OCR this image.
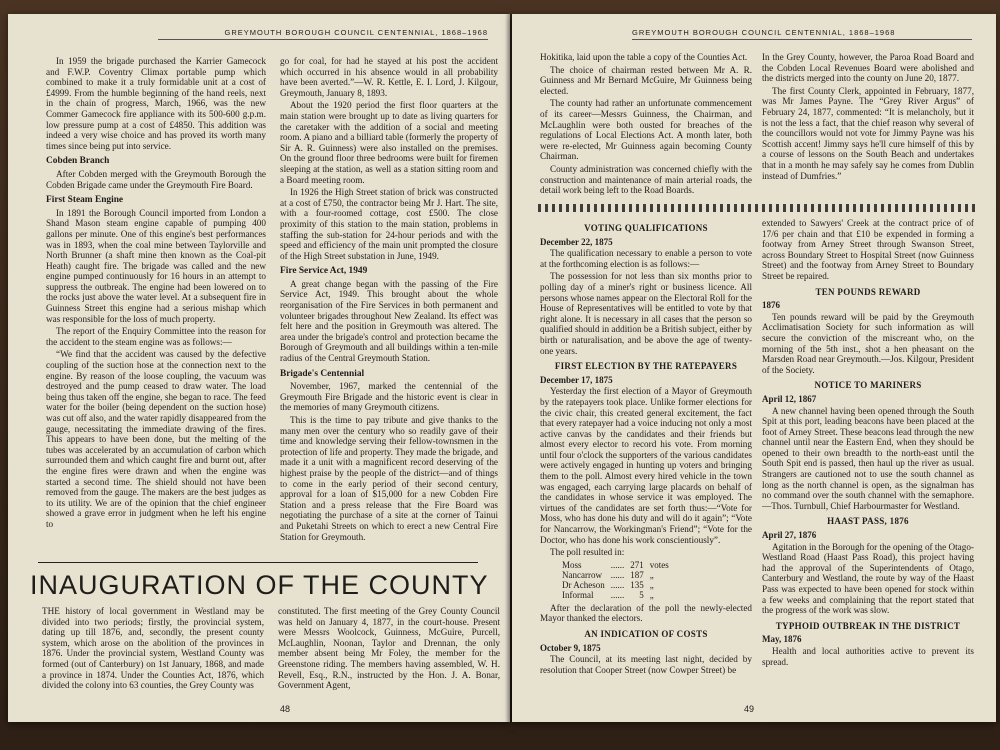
GREYMOUTH BOROUGH COUNCIL CENTENNIAL, 1868–1968

In 1959 the brigade purchased the Karrier Gamecock and F.W.P. Coventry Climax portable pump which combined to make it a truly formidable unit at a cost of £4999. From the humble beginning of the hand reels, next in the chain of progress, March, 1966, was the new Commer Gamecock fire appliance with its 500-600 g.p.m. low pressure pump at a cost of £4850. This addition was indeed a very wise choice and has proved its worth many times since being put into service.

Cobden Branch

After Cobden merged with the Greymouth Borough the Cobden Brigade came under the Greymouth Fire Board.

First Steam Engine

In 1891 the Borough Council imported from London a Shand Mason steam engine capable of pumping 400 gallons per minute. One of this engine's best performances was in 1893, when the coal mine between Taylorville and North Brunner (a shaft mine then known as the Coal-pit Heath) caught fire. The brigade was called and the new engine pumped continuously for 16 hours in an attempt to suppress the outbreak. The engine had been lowered on to the rocks just above the water level. At a subsequent fire in Guinness Street this engine had a serious mishap which was responsible for the loss of much property.

The report of the Enquiry Committee into the reason for the accident to the steam engine was as follows:—

“We find that the accident was caused by the defective coupling of the suction hose at the connection next to the engine. By reason of the loose coupling, the vacuum was destroyed and the pump ceased to draw water. The load being thus taken off the engine, she began to race. The feed water for the boiler (being dependent on the suction hose) was cut off also, and the water rapidly disappeared from the gauge, necessitating the immediate drawing of the fires. This appears to have been done, but the melting of the tubes was accelerated by an accumulation of carbon which surrounded them and which caught fire and burnt out, after the engine fires were drawn and when the engine was started a second time. The shield should not have been removed from the gauge. The makers are the best judges as to its utility. We are of the opinion that the chief engineer showed a grave error in judgment when he left his engine to

go for coal, for had he stayed at his post the accident which occurred in his absence would in all probability have been averted.”—W. R. Kettle, E. I. Lord, J. Kilgour, Greymouth, January 8, 1893.

About the 1920 period the first floor quarters at the main station were brought up to date as living quarters for the caretaker with the addition of a social and meeting room. A piano and a billiard table (formerly the property of Sir A. R. Guinness) were also installed on the premises. On the ground floor three bedrooms were built for firemen sleeping at the station, as well as a station sitting room and a Board meeting room.

In 1926 the High Street station of brick was constructed at a cost of £750, the contractor being Mr J. Hart. The site, with a four-roomed cottage, cost £500. The close proximity of this station to the main station, problems in staffing the sub-station for 24-hour periods and with the speed and efficiency of the main unit prompted the closure of the High Street substation in June, 1949.

Fire Service Act, 1949

A great change began with the passing of the Fire Service Act, 1949. This brought about the whole reorganisation of the Fire Services in both permanent and volunteer brigades throughout New Zealand. Its effect was felt here and the position in Greymouth was altered. The area under the brigade's control and protection became the Borough of Greymouth and all buildings within a ten-mile radius of the Central Greymouth Station.

Brigade's Centennial

November, 1967, marked the centennial of the Greymouth Fire Brigade and the historic event is clear in the memories of many Greymouth citizens.

This is the time to pay tribute and give thanks to the many men over the century who so readily gave of their time and knowledge serving their fellow-townsmen in the protection of life and property. They made the brigade, and made it a unit with a magnificent record deserving of the highest praise by the people of the district—and of things to come in the early period of their second century, approval for a loan of $15,000 for a new Cobden Fire Station and a press release that the Fire Board was negotiating the purchase of a site at the corner of Tainui and Puketahi Streets on which to erect a new Central Fire Station for Greymouth.

INAUGURATION OF THE COUNTY

THE history of local government in Westland may be divided into two periods; firstly, the provincial system, dating up till 1876, and, secondly, the present county system, which arose on the abolition of the provinces in 1876. Under the provincial system, Westland County was formed (out of Canterbury) on 1st January, 1868, and made a province in 1874. Under the Counties Act, 1876, which divided the colony into 63 counties, the Grey County was

constituted. The first meeting of the Grey County Council was held on January 4, 1877, in the court-house. Present were Messrs Woolcock, Guinness, McGuire, Purcell, McLaughlin, Noonan, Taylor and Drennan, the only member absent being Mr Foley, the member for the Greenstone riding. The members having assembled, W. H. Revell, Esq., R.N., instructed by the Hon. J. A. Bonar, Government Agent,

48
GREYMOUTH BOROUGH COUNCIL CENTENNIAL, 1868–1968

Hokitika, laid upon the table a copy of the Counties Act.

The choice of chairman rested between Mr A. R. Guinness and Mr Bernard McGuire, Mr Guinness being elected.

The county had rather an unfortunate commencement of its career—Messrs Guinness, the Chairman, and McLaughlin were both ousted for breaches of the regulations of Local Elections Act. A month later, both were re-elected, Mr Guinness again becoming County Chairman.

County administration was concerned chiefly with the construction and maintenance of main arterial roads, the detail work being left to the Road Boards.

In the Grey County, however, the Paroa Road Board and the Cobden Local Revenues Board were abolished and the districts merged into the county on June 20, 1877.

The first County Clerk, appointed in February, 1877, was Mr James Payne. The “Grey River Argus” of February 24, 1877, commented: “It is melancholy, but it is not the less a fact, that the chief reason why several of the councillors would not vote for Jimmy Payne was his Scottish accent! Jimmy says he'll cure himself of this by a course of lessons on the South Beach and undertakes that in a month he may safely say he comes from Dublin instead of Dumfries.”

VOTING QUALIFICATIONS
December 22, 1875

The qualification necessary to enable a person to vote at the forthcoming election is as follows:—

The possession for not less than six months prior to polling day of a miner's right or business licence. All persons whose names appear on the Electoral Roll for the House of Representatives will be entitled to vote by that right alone. It is necessary in all cases that the person so qualified should in addition be a British subject, either by birth or naturalisation, and be above the age of twenty-one years.

FIRST ELECTION BY THE RATEPAYERS
December 17, 1875

Yesterday the first election of a Mayor of Greymouth by the ratepayers took place. Unlike former elections for the civic chair, this created general excitement, the fact that every ratepayer had a voice inducing not only a most active canvas by the candidates and their friends but almost every elector to record his vote. From morning until four o'clock the supporters of the various candidates were actively engaged in hunting up voters and bringing them to the poll. Almost every hired vehicle in the town was engaged, each carrying large placards on behalf of the candidates in whose service it was employed. The virtues of the candidates are set forth thus:—“Vote for Moss, who has done his duty and will do it again”; “Vote for Nancarrow, the Workingman's Friend”; “Vote for the Doctor, who has done his work conscientiously”.

The poll resulted in:

Moss	......	271	votes
Nancarrow	......	187	„
Dr Acheson	......	135	„
Informal	......	5	„

After the declaration of the poll the newly-elected Mayor thanked the electors.

AN INDICATION OF COSTS
October 9, 1875

The Council, at its meeting last night, decided by resolution that Cooper Street (now Cowper Street) be

extended to Sawyers' Creek at the contract price of of 17/6 per chain and that £10 be expended in forming a footway from Arney Street through Swanson Street, across Boundary Street to Hospital Street (now Guinness Street) and the footway from Arney Street to Boundary Street be repaired.

TEN POUNDS REWARD
1876

Ten pounds reward will be paid by the Greymouth Acclimatisation Society for such information as will secure the conviction of the miscreant who, on the morning of the 5th inst., shot a hen pheasant on the Marsden Road near Greymouth.—Jos. Kilgour, President of the Society.

NOTICE TO MARINERS
April 12, 1867

A new channel having been opened through the South Spit at this port, leading beacons have been placed at the foot of Arney Street. These beacons lead through the new channel until near the Eastern End, when they should be opened to their own breadth to the north-east until the South Spit end is passed, then haul up the river as usual. Strangers are cautioned not to use the south channel as long as the north channel is open, as the signalman has no command over the south channel with the semaphore.—Thos. Turnbull, Chief Harbourmaster for Westland.

HAAST PASS, 1876
April 27, 1876

Agitation in the Borough for the opening of the Otago-Westland Road (Haast Pass Road), this project having had the approval of the Superintendents of Otago, Canterbury and Westland, the route by way of the Haast Pass was expected to have been opened for stock within a few weeks and complaining that the report stated that the progress of the work was slow.

TYPHOID OUTBREAK IN THE DISTRICT
May, 1876

Health and local authorities active to prevent its spread.

49
